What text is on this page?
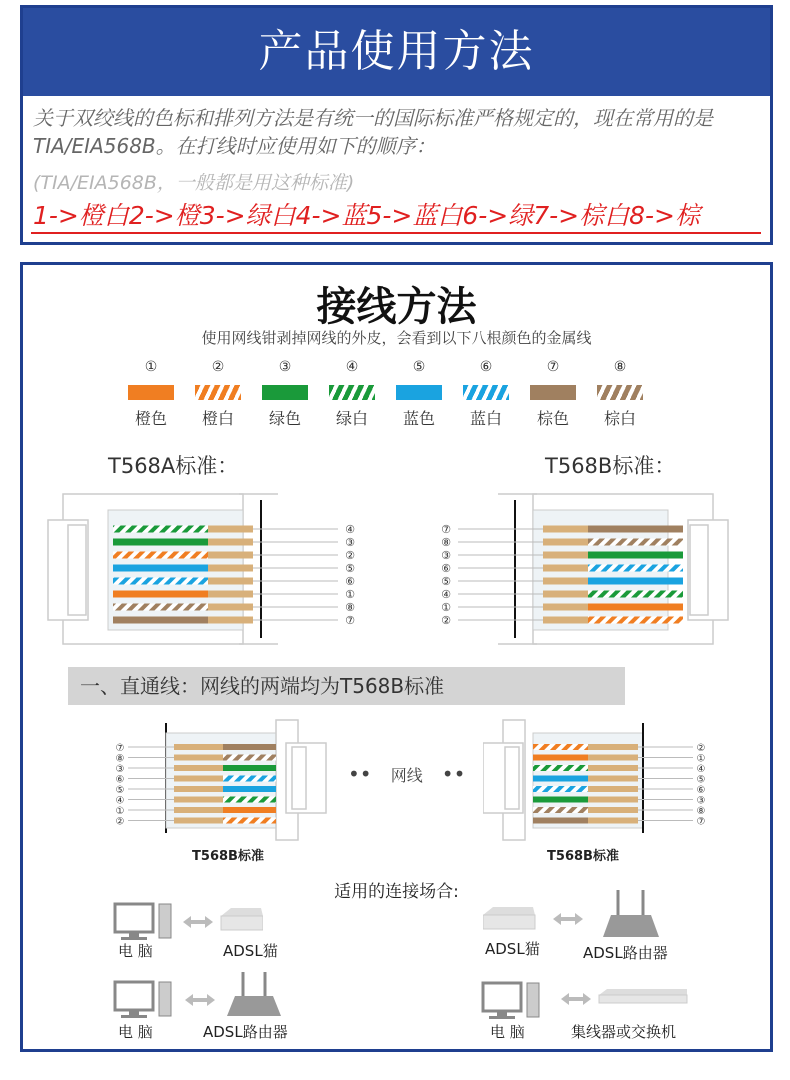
产品使用方法
关于双绞线的色标和排列方法是有统一的国际标准严格规定的，现在常用的是TIA/EIA568B。在打线时应使用如下的顺序：
(TIA/EIA568B，一般都是用这种标准)
1->橙白2->橙3->绿白4->蓝5->蓝白6->绿7->棕白8->棕
接线方法
使用网线钳剥掉网线的外皮，会看到以下八根颜色的金属线
①
橙色
②
橙白
③
绿色
④
绿白
⑤
蓝色
⑥
蓝白
⑦
棕色
⑧
棕白
T568A标准：	T568B标准：
④
③
②
⑤
⑥
①
⑧
⑦
⑦
⑧
③
⑥
⑤
④
①
②
一、直通线：网线的两端均为T568B标准
⑦
⑧
③
⑥
⑤
④
①
②
•• 网线 ••
②
①
④
⑤
⑥
③
⑧
⑦
T568B标准	T568B标准
适用的连接场合:
电 脑	ADSL猫	ADSL猫	ADSL路由器
电 脑	ADSL路由器	电 脑	集线器或交换机
